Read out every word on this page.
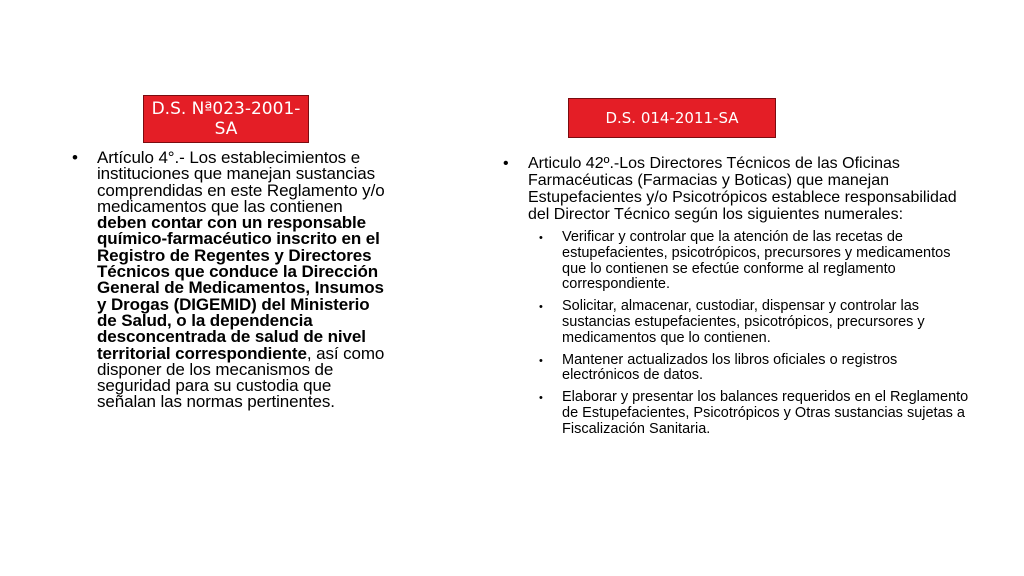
D.S. Nª023-2001-SA
D.S. 014-2011-SA
• Artículo 4°.- Los establecimientos e instituciones que manejan sustancias comprendidas en este Reglamento y/o medicamentos que las contienen deben contar con un responsable químico-farmacéutico inscrito en el Registro de Regentes y Directores Técnicos que conduce la Dirección General de Medicamentos, Insumos y Drogas (DIGEMID) del Ministerio de Salud, o la dependencia desconcentrada de salud de nivel territorial correspondiente, así como disponer de los mecanismos de seguridad para su custodia que señalan las normas pertinentes.
• Articulo 42º.-Los Directores Técnicos de las Oficinas Farmacéuticas (Farmacias y Boticas) que manejan Estupefacientes y/o Psicotrópicos establece responsabilidad del Director Técnico según los siguientes numerales:
• Verificar y controlar que la atención de las recetas de estupefacientes, psicotrópicos, precursores y medicamentos que lo contienen se efectúe conforme al reglamento correspondiente.
• Solicitar, almacenar, custodiar, dispensar y controlar las sustancias estupefacientes, psicotrópicos, precursores y medicamentos que lo contienen.
• Mantener actualizados los libros oficiales o registros electrónicos de datos.
• Elaborar y presentar los balances requeridos en el Reglamento de Estupefacientes, Psicotrópicos y Otras sustancias sujetas a Fiscalización Sanitaria.
